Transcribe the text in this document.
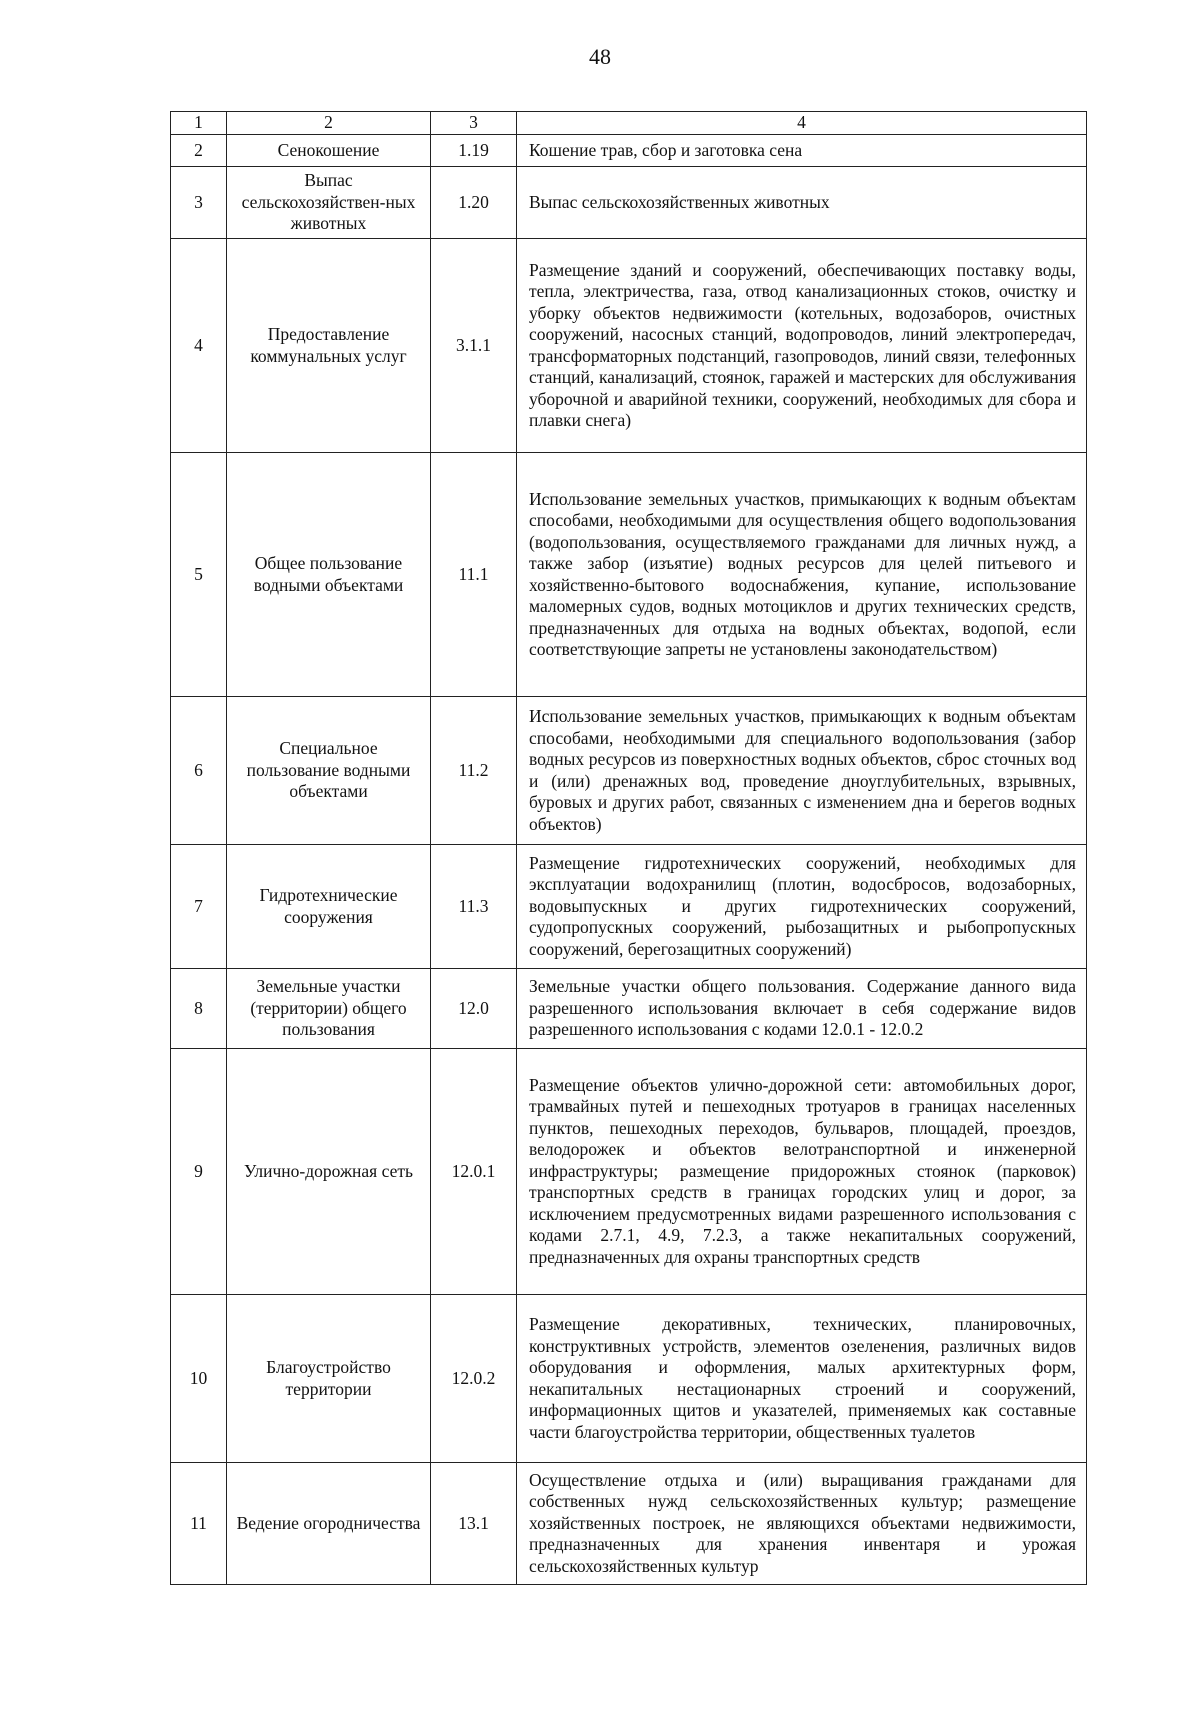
48
1	2	3	4
2	Сенокошение	1.19	Кошение трав, сбор и заготовка сена
3	Выпас сельскохозяйствен-ных животных	1.20	Выпас сельскохозяйственных животных
4	Предоставление коммунальных услуг	3.1.1	Размещение зданий и сооружений, обеспечивающих поставку воды, тепла, электричества, газа, отвод канализационных стоков, очистку и уборку объектов недвижимости (котельных, водозаборов, очистных сооружений, насосных станций, водопроводов, линий электропередач, трансформаторных подстанций, газопроводов, линий связи, телефонных станций, канализаций, стоянок, гаражей и мастерских для обслуживания уборочной и аварийной техники, сооружений, необходимых для сбора и плавки снега)
5	Общее пользование водными объектами	11.1	Использование земельных участков, примыкающих к водным объектам способами, необходимыми для осуществления общего водопользования (водопользования, осуществляемого гражданами для личных нужд, а также забор (изъятие) водных ресурсов для целей питьевого и хозяйственно-бытового водоснабжения, купание, использование маломерных судов, водных мотоциклов и других технических средств, предназначенных для отдыха на водных объектах, водопой, если соответствующие запреты не установлены законодательством)
6	Специальное пользование водными объектами	11.2	Использование земельных участков, примыкающих к водным объектам способами, необходимыми для специального водопользования (забор водных ресурсов из поверхностных водных объектов, сброс сточных вод и (или) дренажных вод, проведение дноуглубительных, взрывных, буровых и других работ, связанных с изменением дна и берегов водных объектов)
7	Гидротехнические сооружения	11.3	Размещение гидротехнических сооружений, необходимых для эксплуатации водохранилищ (плотин, водосбросов, водозаборных, водовыпускных и других гидротехнических сооружений, судопропускных сооружений, рыбозащитных и рыбопропускных сооружений, берегозащитных сооружений)
8	Земельные участки (территории) общего пользования	12.0	Земельные участки общего пользования. Содержание данного вида разрешенного использования включает в себя содержание видов разрешенного использования с кодами 12.0.1 - 12.0.2
9	Улично-дорожная сеть	12.0.1	Размещение объектов улично-дорожной сети: автомобильных дорог, трамвайных путей и пешеходных тротуаров в границах населенных пунктов, пешеходных переходов, бульваров, площадей, проездов, велодорожек и объектов велотранспортной и инженерной инфраструктуры; размещение придорожных стоянок (парковок) транспортных средств в границах городских улиц и дорог, за исключением предусмотренных видами разрешенного использования с кодами 2.7.1, 4.9, 7.2.3, а также некапитальных сооружений, предназначенных для охраны транспортных средств
10	Благоустройство территории	12.0.2	Размещение декоративных, технических, планировочных, конструктивных устройств, элементов озеленения, различных видов оборудования и оформления, малых архитектурных форм, некапитальных нестационарных строений и сооружений, информационных щитов и указателей, применяемых как составные части благоустройства территории, общественных туалетов
11	Ведение огородничества	13.1	Осуществление отдыха и (или) выращивания гражданами для собственных нужд сельскохозяйственных культур; размещение хозяйственных построек, не являющихся объектами недвижимости, предназначенных для хранения инвентаря и урожая сельскохозяйственных культур
